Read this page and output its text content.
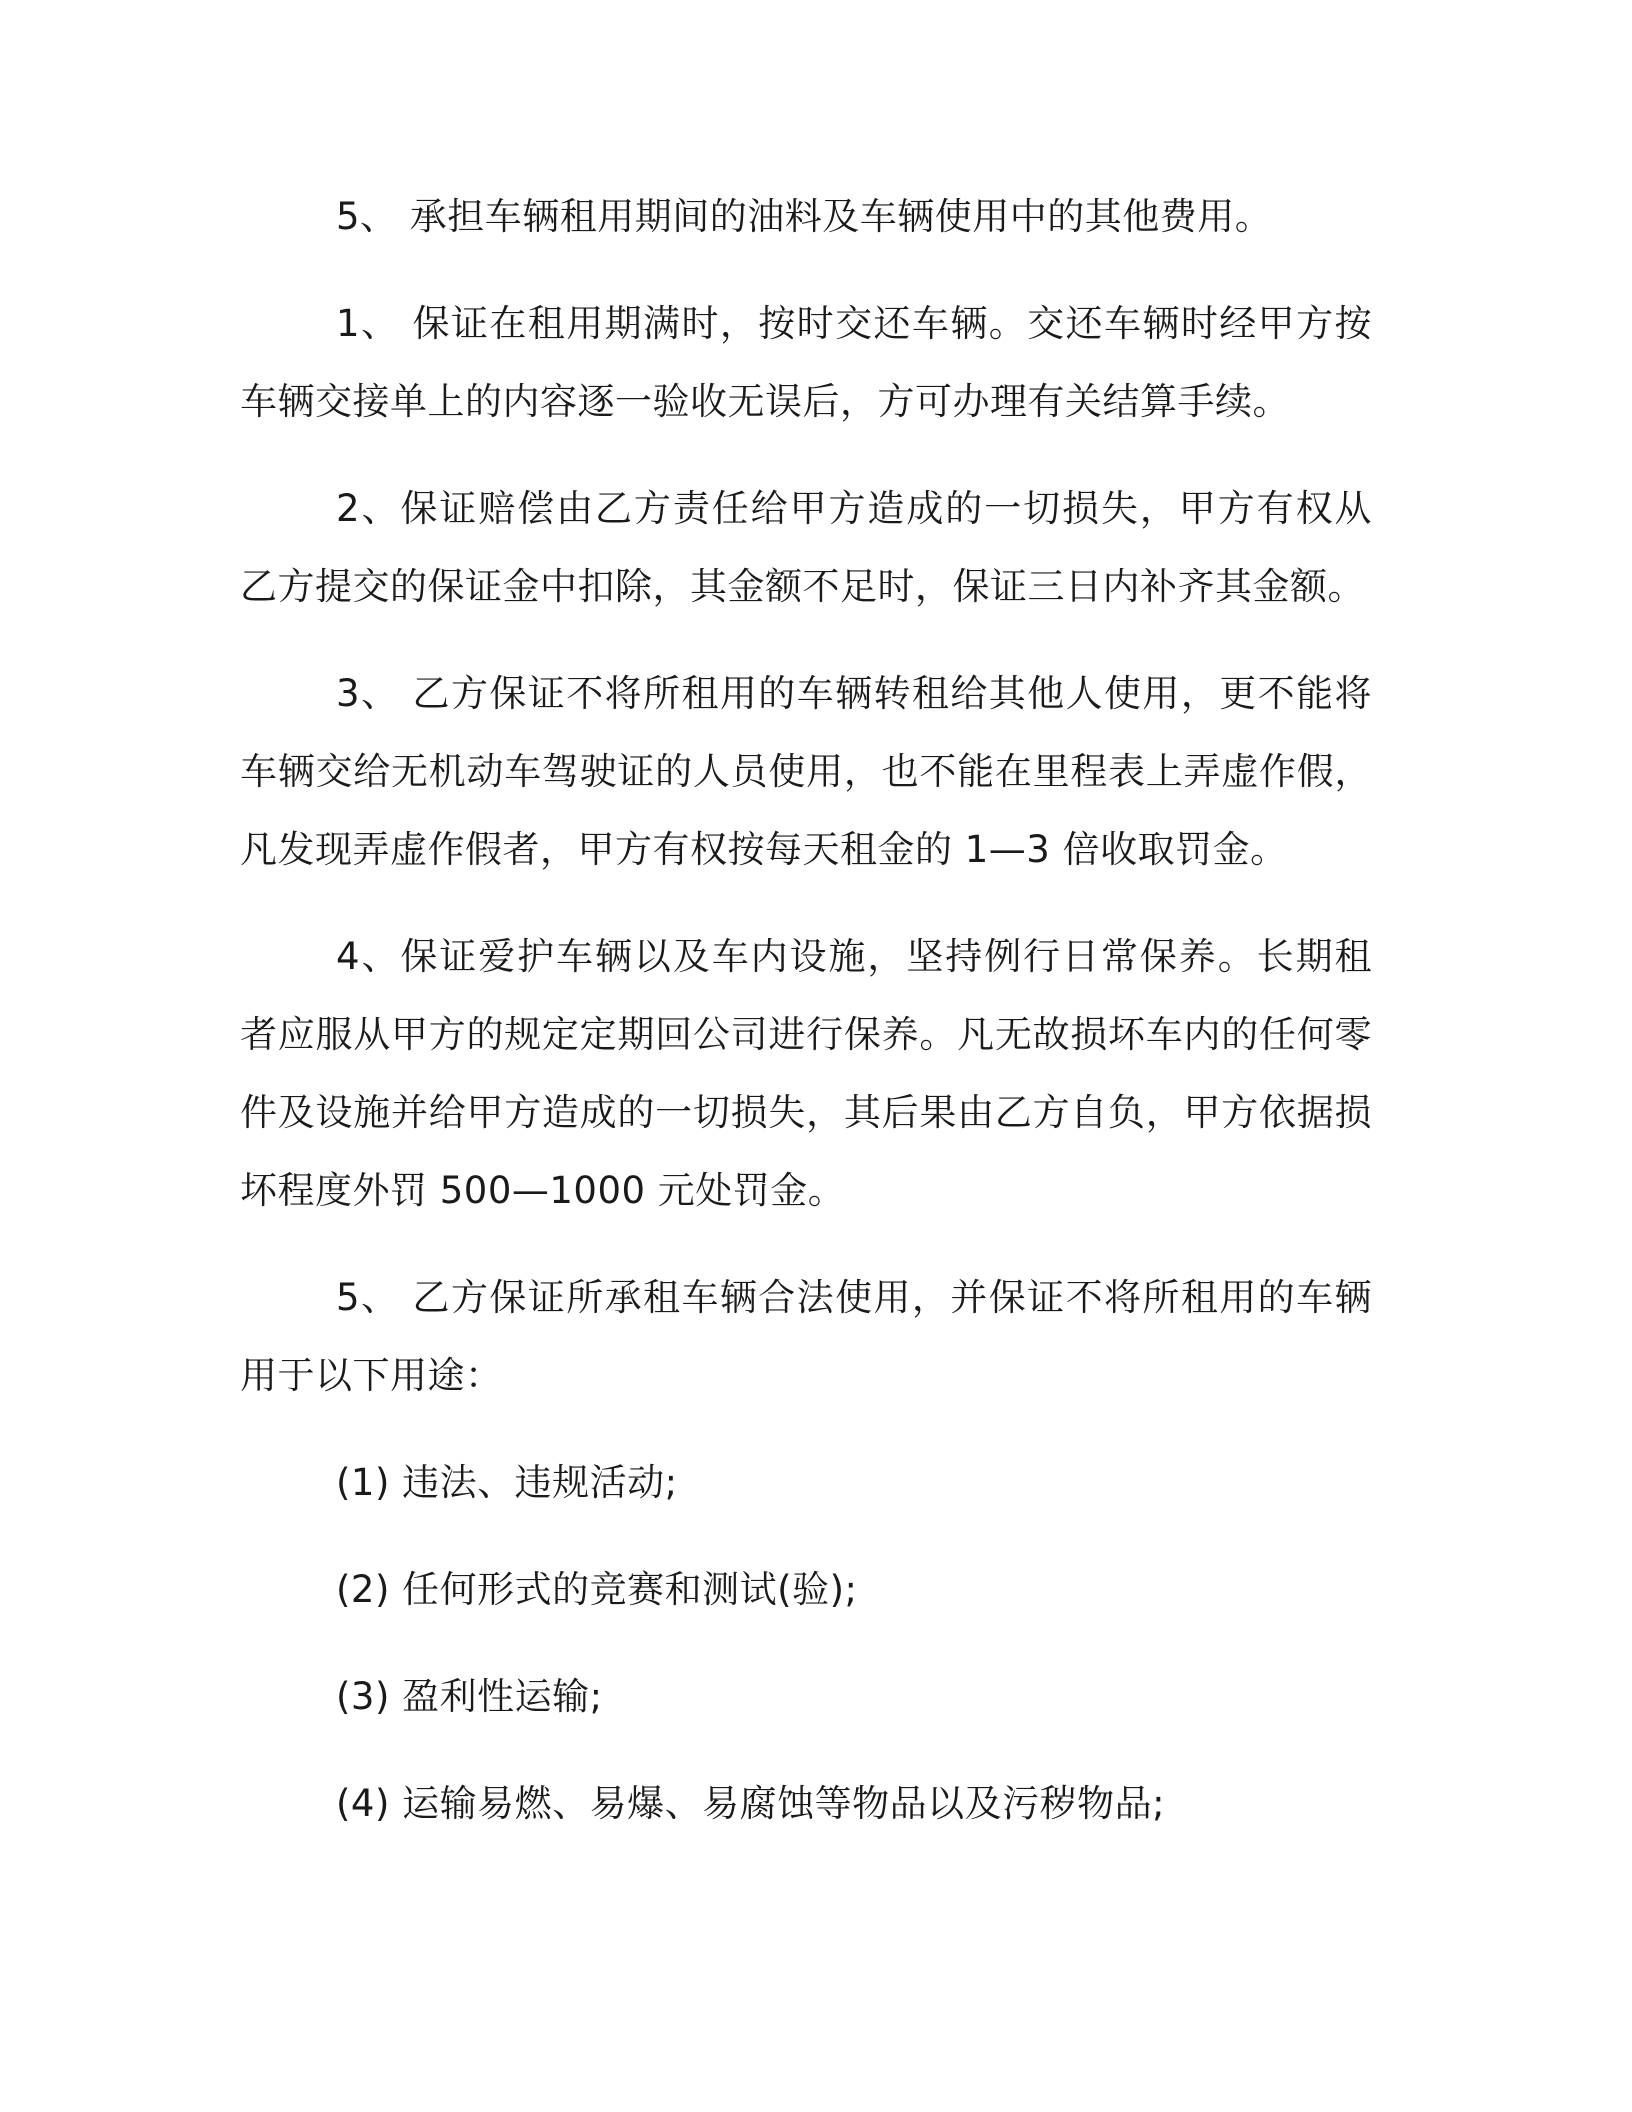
5、 承担车辆租用期间的油料及车辆使用中的其他费用。

1、 保证在租用期满时，按时交还车辆。交还车辆时经甲方按车辆交接单上的内容逐一验收无误后，方可办理有关结算手续。

2、保证赔偿由乙方责任给甲方造成的一切损失，甲方有权从乙方提交的保证金中扣除，其金额不足时，保证三日内补齐其金额。

3、 乙方保证不将所租用的车辆转租给其他人使用，更不能将车辆交给无机动车驾驶证的人员使用，也不能在里程表上弄虚作假，凡发现弄虚作假者，甲方有权按每天租金的 1—3 倍收取罚金。

4、保证爱护车辆以及车内设施，坚持例行日常保养。长期租者应服从甲方的规定定期回公司进行保养。凡无故损坏车内的任何零件及设施并给甲方造成的一切损失，其后果由乙方自负，甲方依据损坏程度外罚 500—1000 元处罚金。

5、 乙方保证所承租车辆合法使用，并保证不将所租用的车辆用于以下用途：

(1) 违法、违规活动;

(2) 任何形式的竞赛和测试(验);

(3) 盈利性运输;

(4) 运输易燃、易爆、易腐蚀等物品以及污秽物品;
